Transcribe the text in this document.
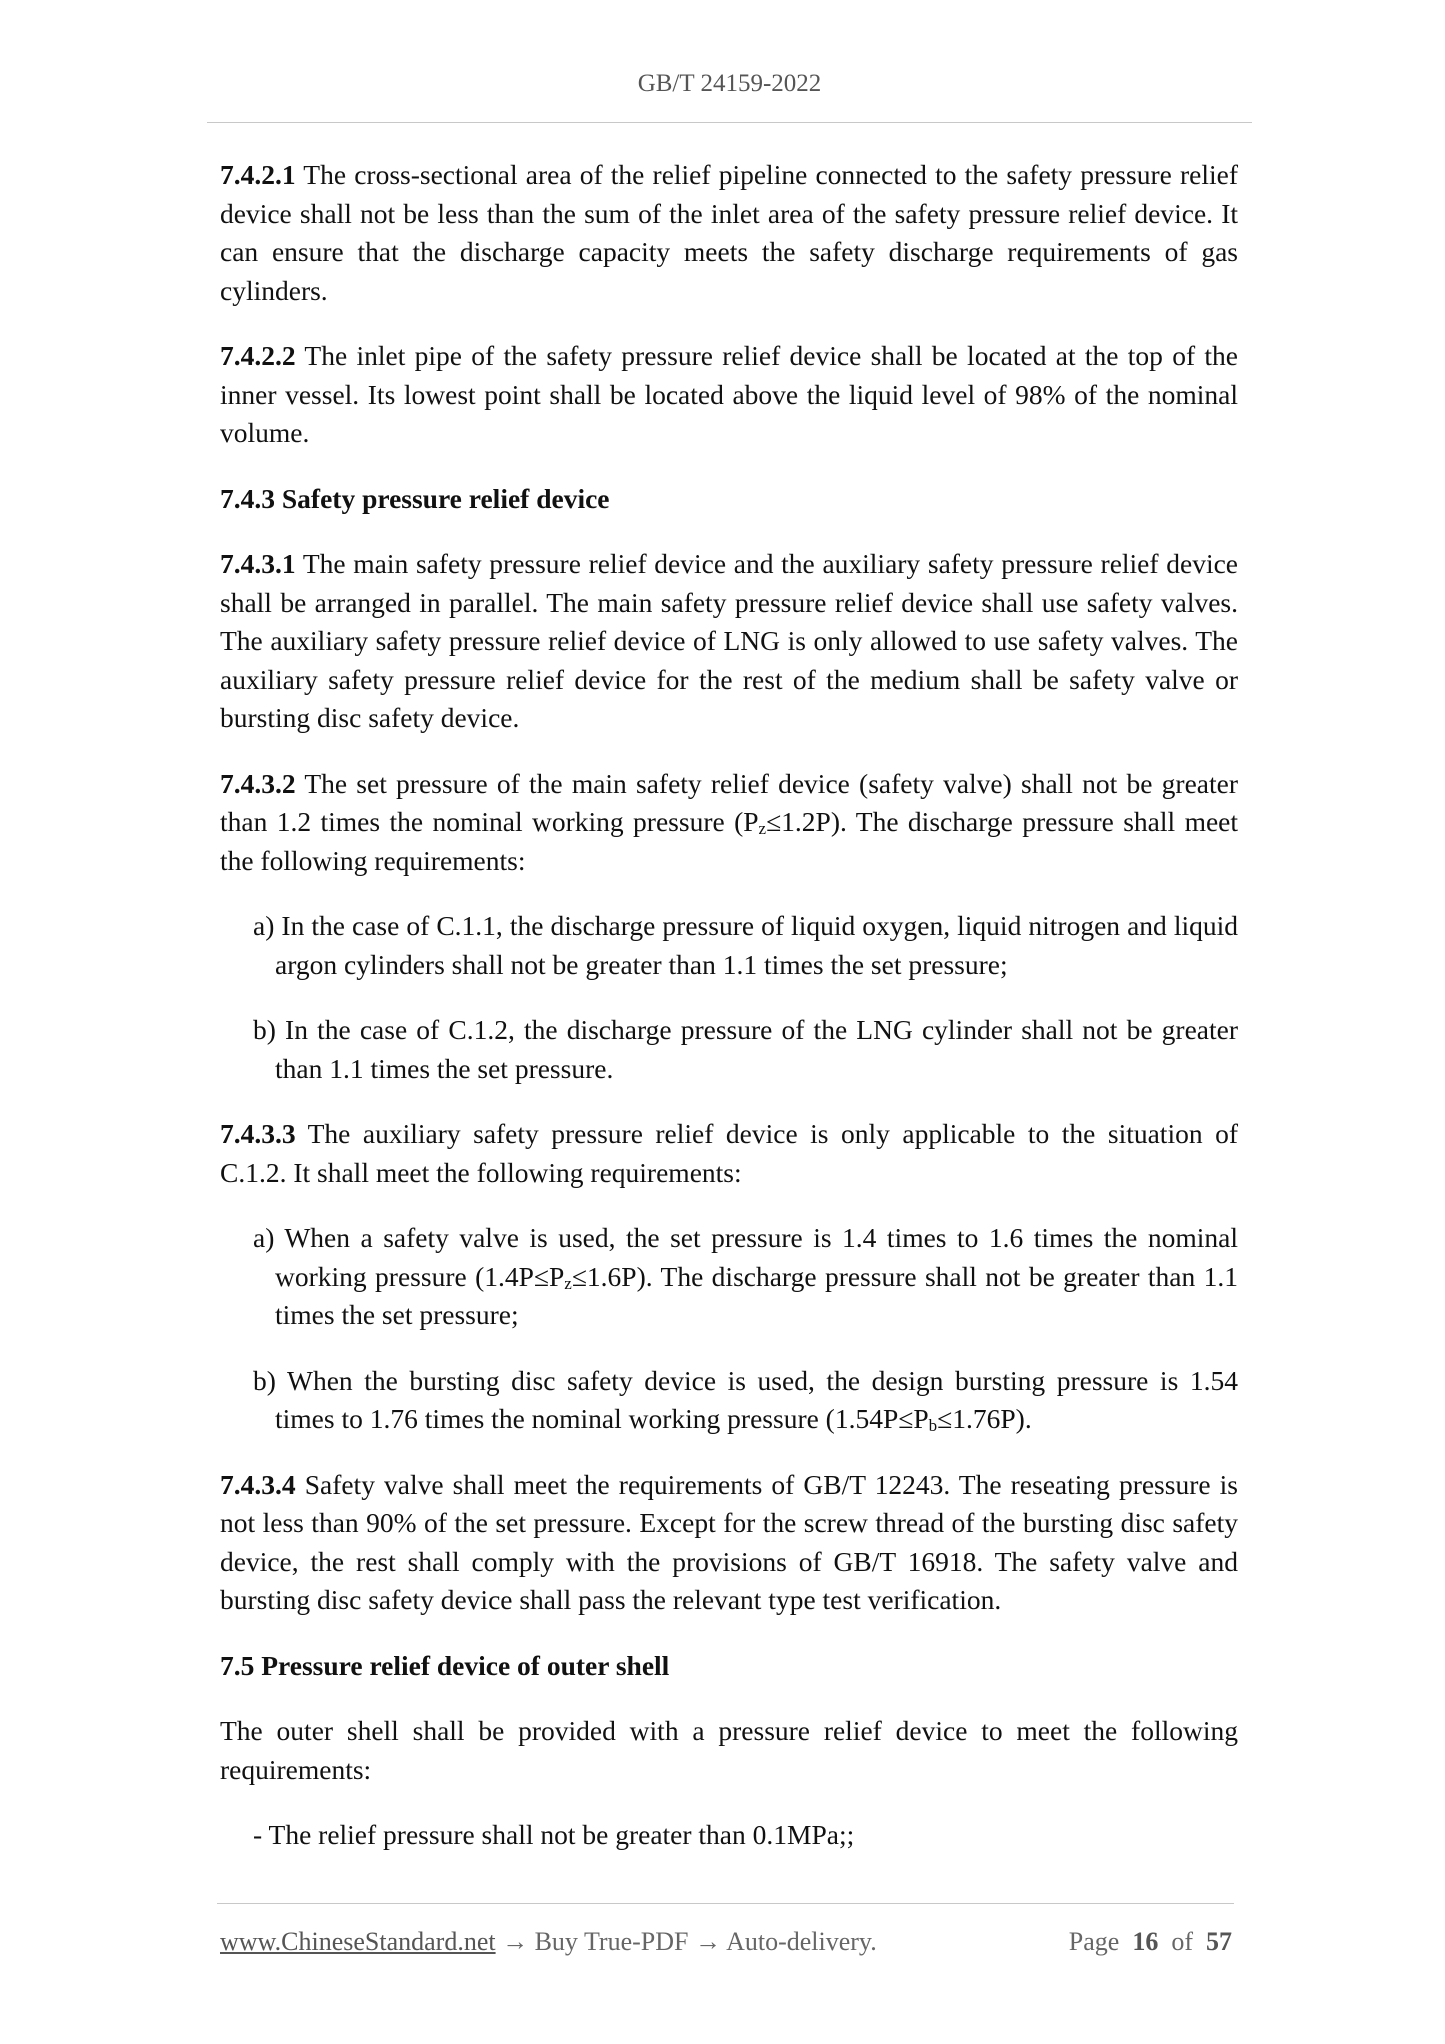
GB/T 24159-2022

7.4.2.1 The cross-sectional area of the relief pipeline connected to the safety pressure relief device shall not be less than the sum of the inlet area of the safety pressure relief device. It can ensure that the discharge capacity meets the safety discharge requirements of gas cylinders.

7.4.2.2 The inlet pipe of the safety pressure relief device shall be located at the top of the inner vessel. Its lowest point shall be located above the liquid level of 98% of the nominal volume.

7.4.3 Safety pressure relief device

7.4.3.1 The main safety pressure relief device and the auxiliary safety pressure relief device shall be arranged in parallel. The main safety pressure relief device shall use safety valves. The auxiliary safety pressure relief device of LNG is only allowed to use safety valves. The auxiliary safety pressure relief device for the rest of the medium shall be safety valve or bursting disc safety device.

7.4.3.2 The set pressure of the main safety relief device (safety valve) shall not be greater than 1.2 times the nominal working pressure $(P_z\le 1.2P)$. The discharge pressure shall meet the following requirements:

a) In the case of C.1.1, the discharge pressure of liquid oxygen, liquid nitrogen and liquid argon cylinders shall not be greater than 1.1 times the set pressure;

b) In the case of C.1.2, the discharge pressure of the LNG cylinder shall not be greater than 1.1 times the set pressure.

7.4.3.3 The auxiliary safety pressure relief device is only applicable to the situation of C.1.2. It shall meet the following requirements:

a) When a safety valve is used, the set pressure is 1.4 times to 1.6 times the nominal working pressure $(1.4P\le P_z\le 1.6P)$. The discharge pressure shall not be greater than 1.1 times the set pressure;

b) When the bursting disc safety device is used, the design bursting pressure is 1.54 times to 1.76 times the nominal working pressure $(1.54P\le P_b\le 1.76P)$.

7.4.3.4 Safety valve shall meet the requirements of GB/T 12243. The reseating pressure is not less than 90% of the set pressure. Except for the screw thread of the bursting disc safety device, the rest shall comply with the provisions of GB/T 16918. The safety valve and bursting disc safety device shall pass the relevant type test verification.

7.5 Pressure relief device of outer shell

The outer shell shall be provided with a pressure relief device to meet the following requirements:

- The relief pressure shall not be greater than 0.1MPa;;

www.ChineseStandard.net → Buy True-PDF → Auto-delivery.	Page 16 of 57
